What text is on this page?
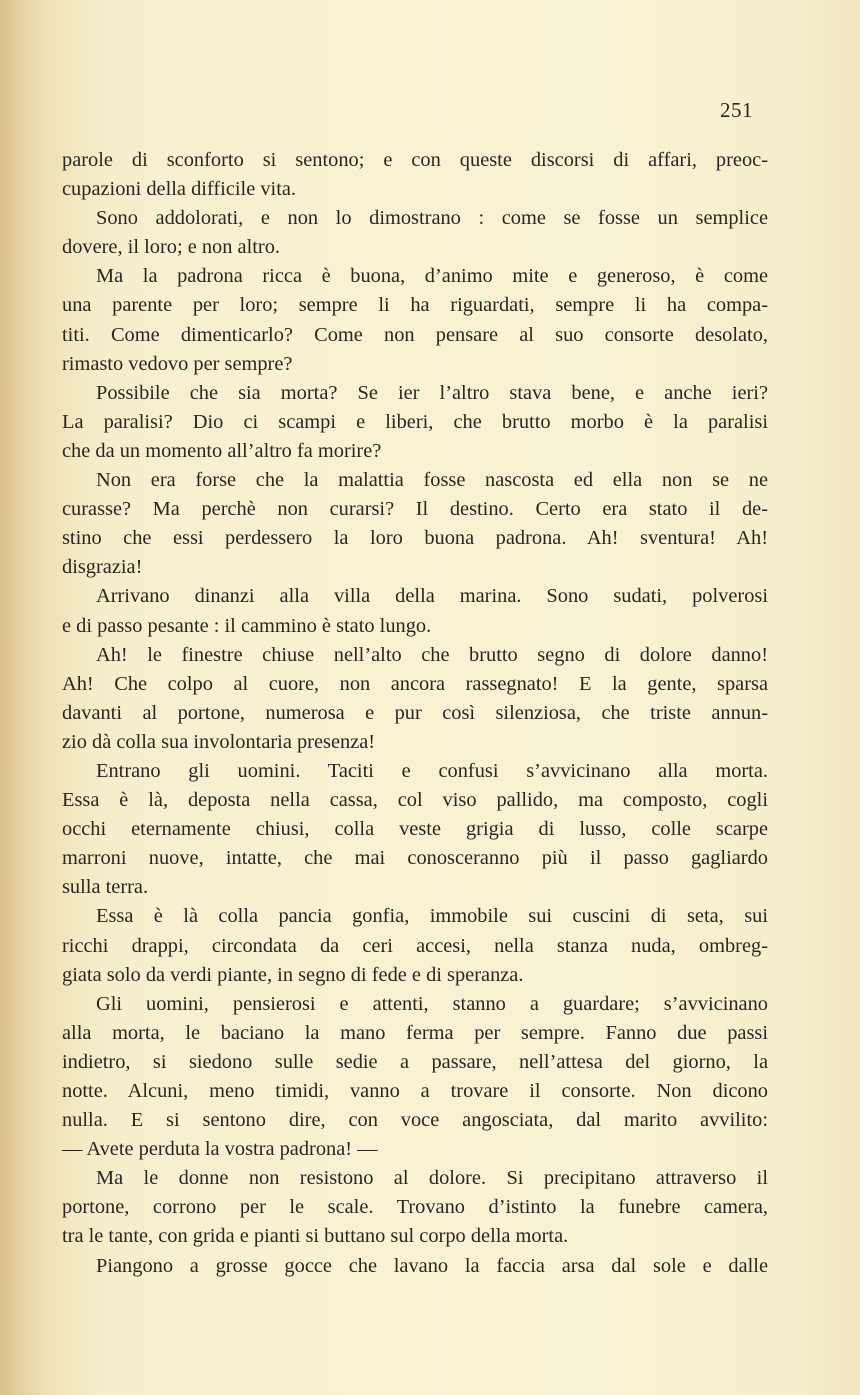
251
parole di sconforto si sentono; e con queste discorsi di affari, preoc-
cupazioni della difficile vita.
Sono addolorati, e non lo dimostrano : come se fosse un semplice
dovere, il loro; e non altro.
Ma la padrona ricca è buona, d’animo mite e generoso, è come
una parente per loro; sempre li ha riguardati, sempre li ha compa-
titi. Come dimenticarlo? Come non pensare al suo consorte desolato,
rimasto vedovo per sempre?
Possibile che sia morta? Se ier l’altro stava bene, e anche ieri?
La paralisi? Dio ci scampi e liberi, che brutto morbo è la paralisi
che da un momento all’altro fa morire?
Non era forse che la malattia fosse nascosta ed ella non se ne
curasse? Ma perchè non curarsi? Il destino. Certo era stato il de-
stino che essi perdessero la loro buona padrona. Ah! sventura! Ah!
disgrazia!
Arrivano dinanzi alla villa della marina. Sono sudati, polverosi
e di passo pesante : il cammino è stato lungo.
Ah! le finestre chiuse nell’alto che brutto segno di dolore danno!
Ah! Che colpo al cuore, non ancora rassegnato! E la gente, sparsa
davanti al portone, numerosa e pur così silenziosa, che triste annun-
zio dà colla sua involontaria presenza!
Entrano gli uomini. Taciti e confusi s’avvicinano alla morta.
Essa è là, deposta nella cassa, col viso pallido, ma composto, cogli
occhi eternamente chiusi, colla veste grigia di lusso, colle scarpe
marroni nuove, intatte, che mai conosceranno più il passo gagliardo
sulla terra.
Essa è là colla pancia gonfia, immobile sui cuscini di seta, sui
ricchi drappi, circondata da ceri accesi, nella stanza nuda, ombreg-
giata solo da verdi piante, in segno di fede e di speranza.
Gli uomini, pensierosi e attenti, stanno a guardare; s’avvicinano
alla morta, le baciano la mano ferma per sempre. Fanno due passi
indietro, si siedono sulle sedie a passare, nell’attesa del giorno, la
notte. Alcuni, meno timidi, vanno a trovare il consorte. Non dicono
nulla. E si sentono dire, con voce angosciata, dal marito avvilito:
— Avete perduta la vostra padrona! —
Ma le donne non resistono al dolore. Si precipitano attraverso il
portone, corrono per le scale. Trovano d’istinto la funebre camera,
tra le tante, con grida e pianti si buttano sul corpo della morta.
Piangono a grosse gocce che lavano la faccia arsa dal sole e dalle
